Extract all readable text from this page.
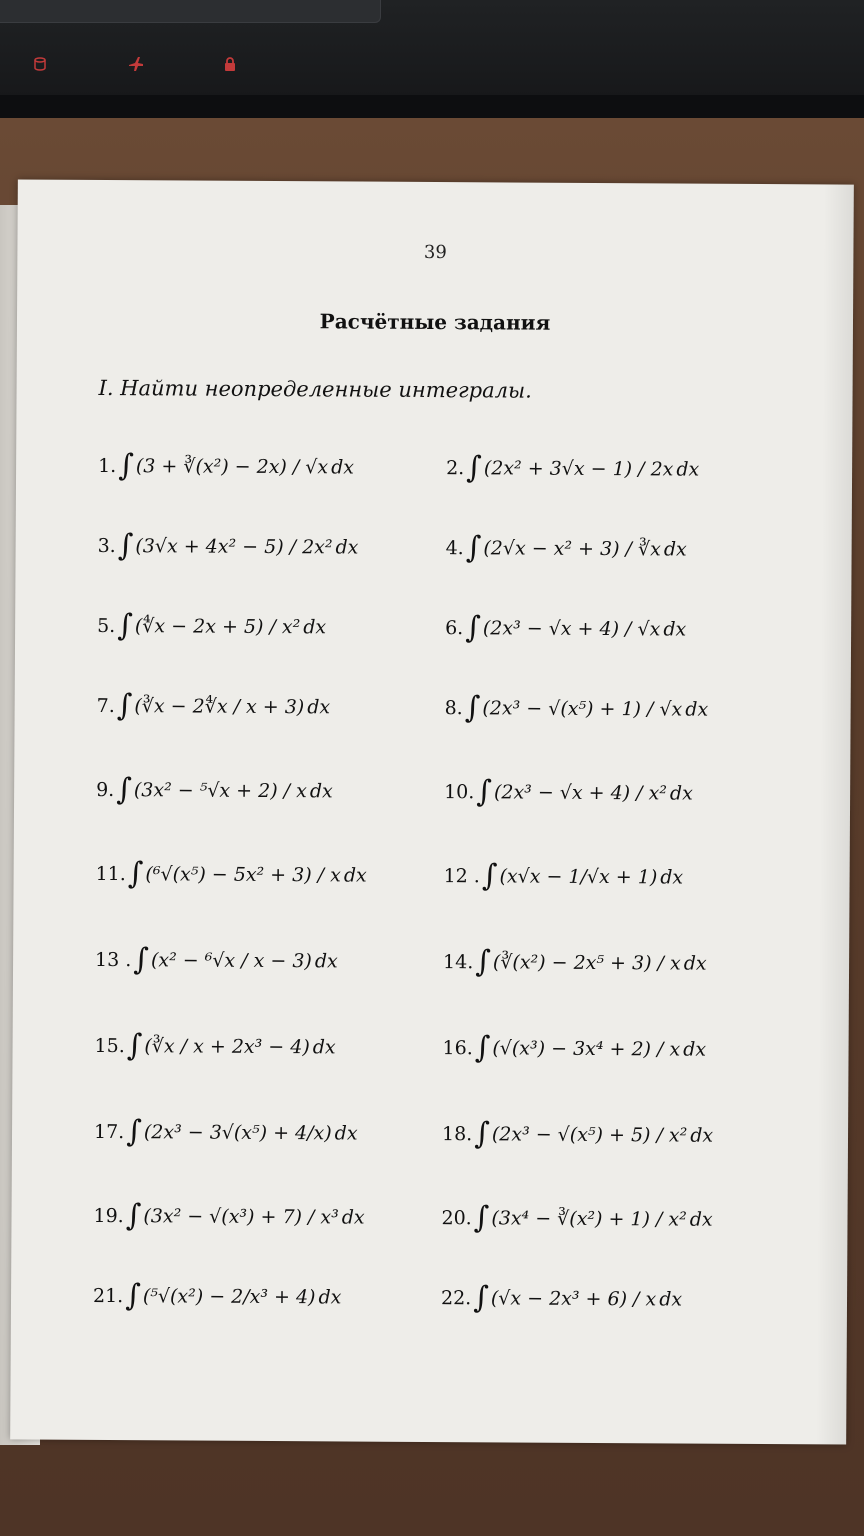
39
Расчётные задания
I. Найти неопределенные интегралы.
1. ∫ (3 + ∛(x²) − 2x) / √x dx	2. ∫ (2x² + 3√x − 1) / 2x dx
3. ∫ (3√x + 4x² − 5) / 2x² dx	4. ∫ (2√x − x² + 3) / ∛x dx
5. ∫ (∜x − 2x + 5) / x² dx	6. ∫ (2x³ − √x + 4) / √x dx
7. ∫ (∛x − 2∜x / x + 3) dx	8. ∫ (2x³ − √(x⁵) + 1) / √x dx
9. ∫ (3x² − ⁵√x + 2) / x dx	10. ∫ (2x³ − √x + 4) / x² dx
11. ∫ (⁶√(x⁵) − 5x² + 3) / x dx	12 . ∫ (x√x − 1/√x + 1) dx
13 . ∫ (x² − ⁶√x / x − 3) dx	14. ∫ (∛(x²) − 2x⁵ + 3) / x dx
15. ∫ (∛x / x + 2x³ − 4) dx	16. ∫ (√(x³) − 3x⁴ + 2) / x dx
17. ∫ (2x³ − 3√(x⁵) + 4/x) dx	18. ∫ (2x³ − √(x⁵) + 5) / x² dx
19. ∫ (3x² − √(x³) + 7) / x³ dx	20. ∫ (3x⁴ − ∛(x²) + 1) / x² dx
21. ∫ (⁵√(x²) − 2/x³ + 4) dx	22. ∫ (√x − 2x³ + 6) / x dx
